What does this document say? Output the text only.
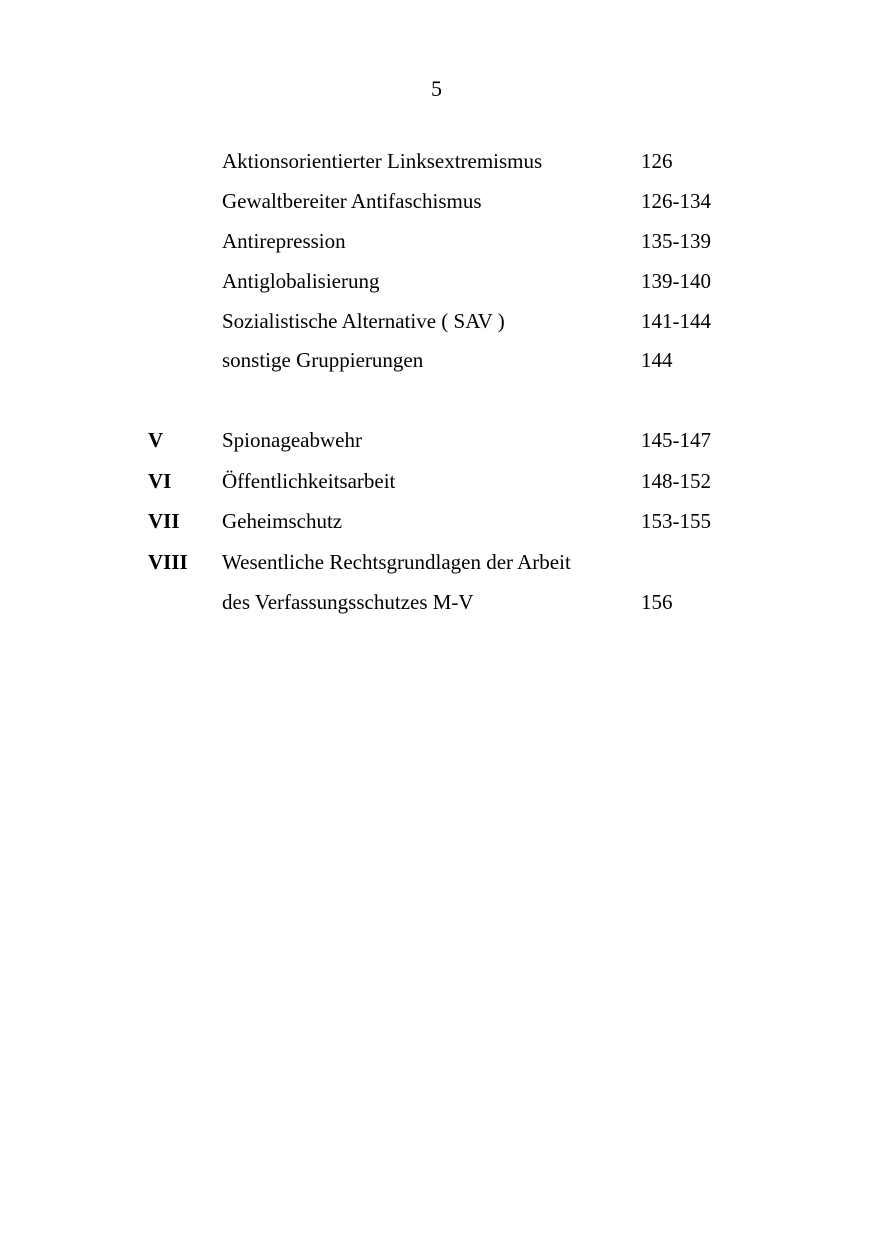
5
Aktionsorientierter Linksextremismus	126
Gewaltbereiter Antifaschismus	126-134
Antirepression	135-139
Antiglobalisierung	139-140
Sozialistische Alternative ( SAV )	141-144
sonstige Gruppierungen	144
V	Spionageabwehr	145-147
VI Öffentlichkeitsarbeit	148-152
VII Geheimschutz	153-155
VIII Wesentliche Rechtsgrundlagen der Arbeit
des Verfassungsschutzes M-V	156
